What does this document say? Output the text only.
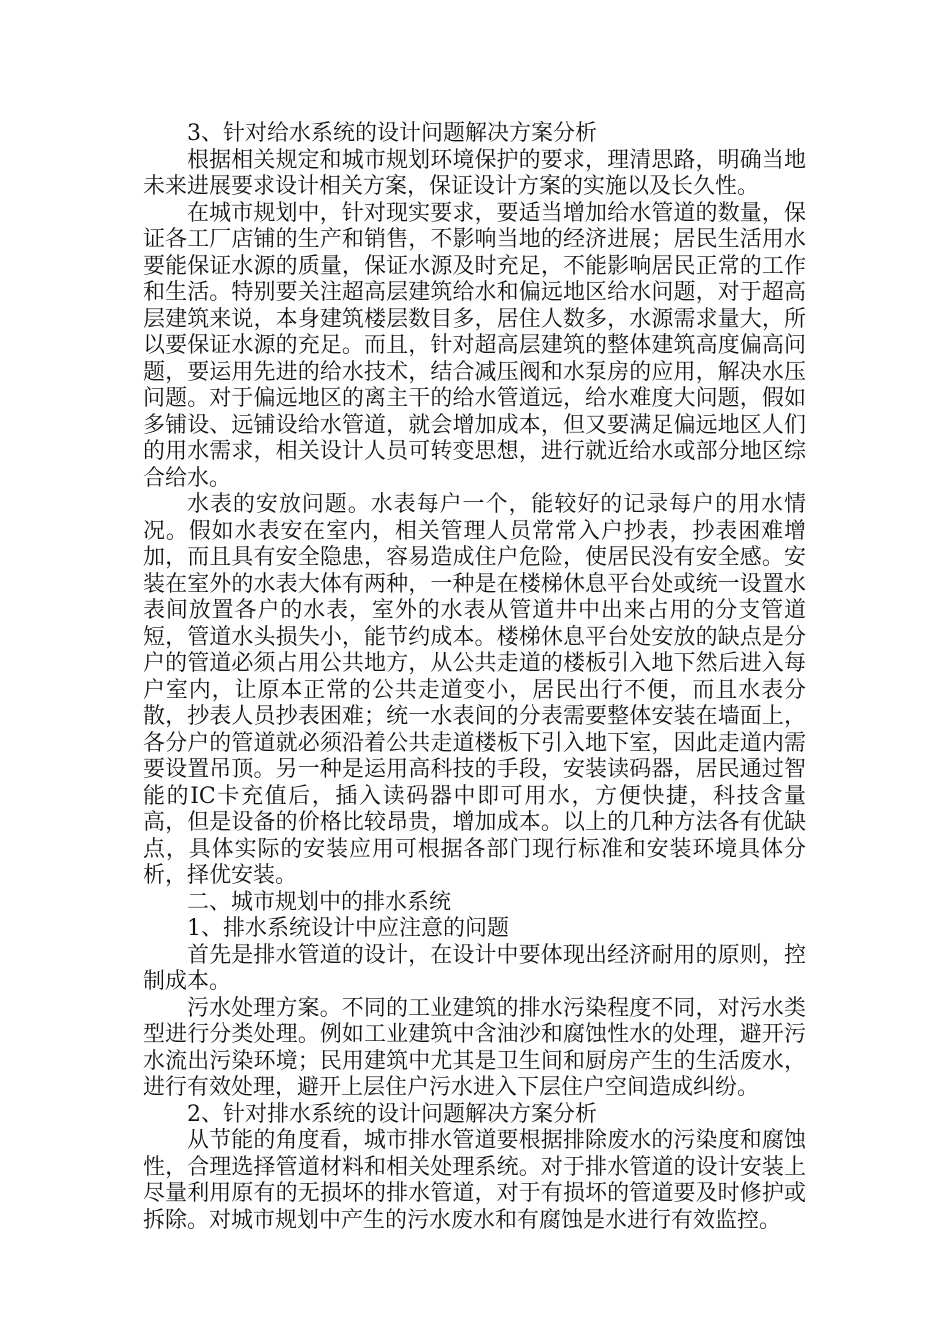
3、针对给水系统的设计问题解决方案分析

根据相关规定和城市规划环境保护的要求，理清思路，明确当地未来进展要求设计相关方案，保证设计方案的实施以及长久性。

在城市规划中，针对现实要求，要适当增加给水管道的数量，保证各工厂店铺的生产和销售，不影响当地的经济进展；居民生活用水要能保证水源的质量，保证水源及时充足，不能影响居民正常的工作和生活。特别要关注超高层建筑给水和偏远地区给水问题，对于超高层建筑来说，本身建筑楼层数目多，居住人数多，水源需求量大，所以要保证水源的充足。而且，针对超高层建筑的整体建筑高度偏高问题，要运用先进的给水技术，结合减压阀和水泵房的应用，解决水压问题。对于偏远地区的离主干的给水管道远，给水难度大问题，假如多铺设、远铺设给水管道，就会增加成本，但又要满足偏远地区人们的用水需求，相关设计人员可转变思想，进行就近给水或部分地区综合给水。

水表的安放问题。水表每户一个，能较好的记录每户的用水情况。假如水表安在室内，相关管理人员常常入户抄表，抄表困难增加，而且具有安全隐患，容易造成住户危险，使居民没有安全感。安装在室外的水表大体有两种，一种是在楼梯休息平台处或统一设置水表间放置各户的水表，室外的水表从管道井中出来占用的分支管道短，管道水头损失小，能节约成本。楼梯休息平台处安放的缺点是分户的管道必须占用公共地方，从公共走道的楼板引入地下然后进入每户室内，让原本正常的公共走道变小，居民出行不便，而且水表分散，抄表人员抄表困难；统一水表间的分表需要整体安装在墙面上，各分户的管道就必须沿着公共走道楼板下引入地下室，因此走道内需要设置吊顶。另一种是运用高科技的手段，安装读码器，居民通过智能的IC卡充值后，插入读码器中即可用水，方便快捷，科技含量高，但是设备的价格比较昂贵，增加成本。以上的几种方法各有优缺点，具体实际的安装应用可根据各部门现行标准和安装环境具体分析，择优安装。

二、城市规划中的排水系统

1、排水系统设计中应注意的问题

首先是排水管道的设计，在设计中要体现出经济耐用的原则，控制成本。

污水处理方案。不同的工业建筑的排水污染程度不同，对污水类型进行分类处理。例如工业建筑中含油沙和腐蚀性水的处理，避开污水流出污染环境；民用建筑中尤其是卫生间和厨房产生的生活废水，进行有效处理，避开上层住户污水进入下层住户空间造成纠纷。

2、针对排水系统的设计问题解决方案分析

从节能的角度看，城市排水管道要根据排除废水的污染度和腐蚀性，合理选择管道材料和相关处理系统。对于排水管道的设计安装上尽量利用原有的无损坏的排水管道，对于有损坏的管道要及时修护或拆除。对城市规划中产生的污水废水和有腐蚀是水进行有效监控。
